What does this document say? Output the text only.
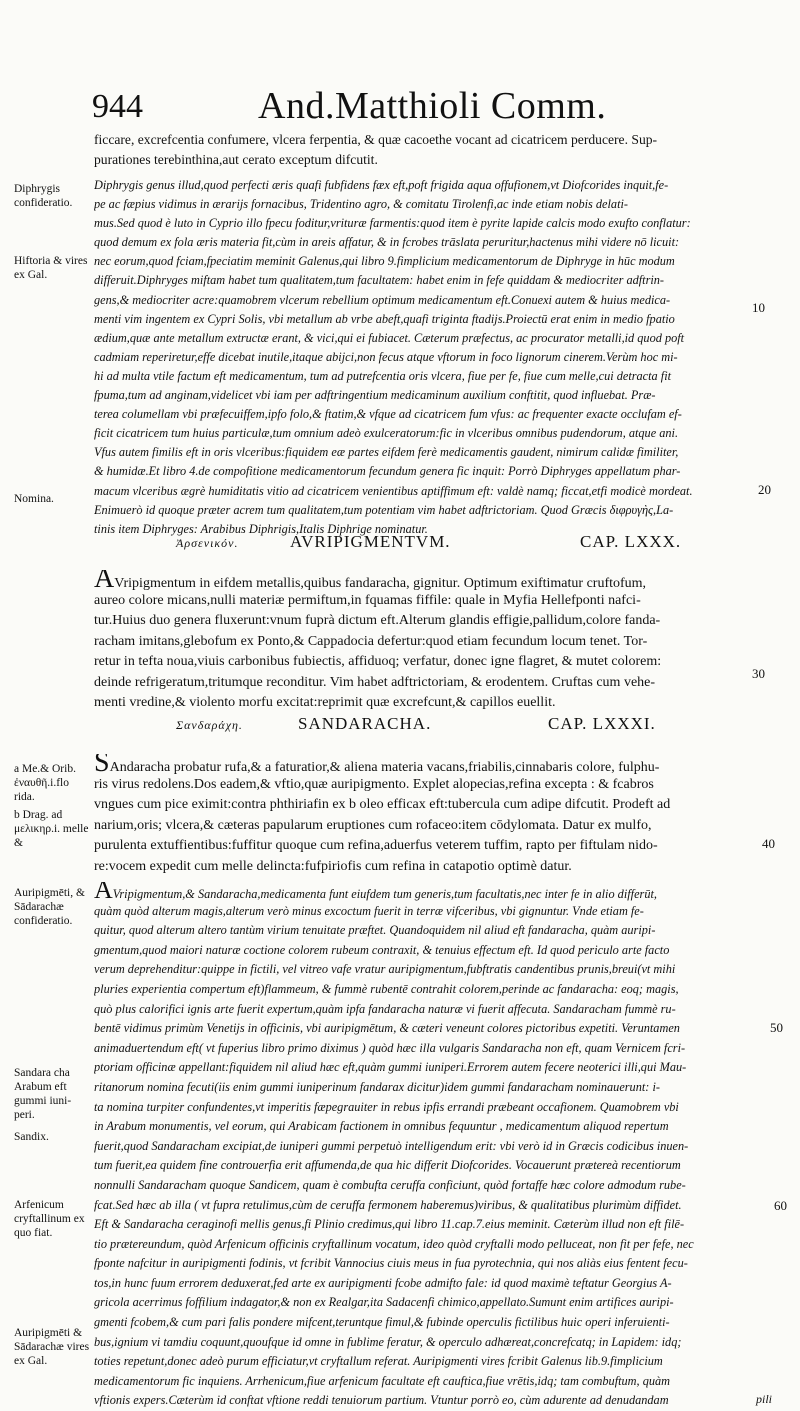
944	And.Matthioli Comm.
ficcare, excrefcentia confumere, vlcera ferpentia, & quæ cacoethe vocant ad cicatricem perducere. Sup-
purationes terebinthina,aut cerato exceptum difcutit.
Diphrygis genus illud,quod perfecti æris quafi fubfidens fæx eft,poft frigida aqua offufionem,vt Diofcorides inquit,fe-
pe ac fæpius vidimus in ærarijs fornacibus, Tridentino agro, & comitatu Tirolenfi,ac inde etiam nobis delati-
mus.Sed quod è luto in Cyprio illo fpecu foditur,vrituræ farmentis:quod item è pyrite lapide calcis modo exufto conflatur:
quod demum ex fola æris materia fit,cùm in areis affatur, & in fcrobes trāslata peruritur,hactenus mihi videre nō licuit:
nec eorum,quod fciam,fpeciatim meminit Galenus,qui libro 9.fimplicium medicamentorum de Diphryge in hūc modum
differuit.Diphryges miftam habet tum qualitatem,tum facultatem: habet enim in fefe quiddam & mediocriter adftrin-
gens,& mediocriter acre:quamobrem vlcerum rebellium optimum medicamentum eft.Conuexi autem & huius medica-
menti vim ingentem ex Cypri Solis, vbi metallum ab vrbe abeft,quafi triginta ftadijs.Proiectū erat enim in medio fpatio
ædium,quæ ante metallum extructæ erant, & vici,qui ei fubiacet. Cæterum præfectus, ac procurator metalli,id quod poft
cadmiam reperiretur,effe dicebat inutile,itaque abijci,non fecus atque vftorum in foco lignorum cinerem.Verùm hoc mi-
hi ad multa vtile factum eft medicamentum, tum ad putrefcentia oris vlcera, fiue per fe, fiue cum melle,cui detracta fit
fpuma,tum ad anginam,videlicet vbi iam per adftringentium medicaminum auxilium conftitit, quod influebat. Præ-
terea columellam vbi præfecuiffem,ipfo folo,& ftatim,& vfque ad cicatricem fum vfus: ac frequenter exacte occlufam ef-
ficit cicatricem tum huius particulæ,tum omnium adeò exulceratorum:fic in vlceribus omnibus pudendorum, atque ani.
Vfus autem fimilis eft in oris vlceribus:fiquidem eæ partes eifdem ferè medicamentis gaudent, nimirum calidæ fimiliter,
& humidæ.Et libro 4.de compofitione medicamentorum fecundum genera fic inquit: Porrò Diphryges appellatum phar-
macum vlceribus ægrè humiditatis vitio ad cicatricem venientibus aptiffimum eft: valdè namq; ficcat,etfi modicè mordeat.
Enimuerò id quoque præter acrem tum qualitatem,tum potentiam vim habet adftrictoriam. Quod Græcis διφρυγὴς,La-
tinis item Diphryges: Arabibus Diphrigis,Italis Diphrige nominatur.
Ἀρσενικόν.	AVRIPIGMENTVM.	CAP. LXXX.
AVripigmentum in eifdem metallis,quibus fandaracha, gignitur. Optimum exiftimatur cruftofum,
aureo colore micans,nulli materiæ permiftum,in fquamas fiffile: quale in Myfia Hellefponti nafci-
tur.Huius duo genera fluxerunt:vnum fuprà dictum eft.Alterum glandis effigie,pallidum,colore fanda-
racham imitans,glebofum ex Ponto,& Cappadocia defertur:quod etiam fecundum locum tenet. Tor-
retur in tefta noua,viuis carbonibus fubiectis, affiduoq; verfatur, donec igne flagret, & mutet colorem:
deinde refrigeratum,tritumque reconditur. Vim habet adftrictoriam, & erodentem. Cruftas cum vehe-
menti vredine,& violento morfu excitat:reprimit quæ excrefcunt,& capillos euellit.
Σανδαράχη.	SANDARACHA.	CAP. LXXXI.
SAndaracha probatur rufa,& a faturatior,& aliena materia vacans,friabilis,cinnabaris colore, fulphu-
ris virus redolens.Dos eadem,& vftio,quæ auripigmento. Explet alopecias,refina excepta : & fcabros
vngues cum pice eximit:contra phthiriafin ex b oleo efficax eft:tubercula cum adipe difcutit. Prodeft ad
narium,oris; vlcera,& cæteras papularum eruptiones cum rofaceo:item cōdylomata. Datur ex mulfo,
purulenta extuffientibus:fuffitur quoque cum refina,aduerfus veterem tuffim, rapto per fiftulam nido-
re:vocem expedit cum melle delincta:fufpiriofis cum refina in catapotio optimè datur.
AVripigmentum,& Sandaracha,medicamenta funt eiufdem tum generis,tum facultatis,nec inter fe in alio differūt,
quàm quòd alterum magis,alterum verò minus excoctum fuerit in terræ vifceribus, vbi gignuntur. Vnde etiam fe-
quitur, quod alterum altero tantùm virium tenuitate præftet. Quandoquidem nil aliud eft fandaracha, quàm auripi-
gmentum,quod maiori naturæ coctione colorem rubeum contraxit, & tenuius effectum eft. Id quod periculo arte facto
verum deprehenditur:quippe in fictili, vel vitreo vafe vratur auripigmentum,fubftratis candentibus prunis,breui(vt mihi
pluries experientia compertum eft)flammeum, & fummè rubentē contrahit colorem,perinde ac fandaracha: eoq; magis,
quò plus calorifici ignis arte fuerit expertum,quàm ipfa fandaracha naturæ vi fuerit affecuta. Sandaracham fummè ru-
bentē vidimus primùm Venetijs in officinis, vbi auripigmētum, & cæteri veneunt colores pictoribus expetiti. Veruntamen
animaduertendum eft( vt fuperius libro primo diximus ) quòd hæc illa vulgaris Sandaracha non eft, quam Vernicem fcri-
ptoriam officinæ appellant:fiquidem nil aliud hæc eft,quàm gummi iuniperi.Errorem autem fecere neoterici illi,qui Mau-
ritanorum nomina fecuti(iis enim gummi iuniperinum fandarax dicitur)idem gummi fandaracham nominauerunt: i-
ta nomina turpiter confundentes,vt imperitis fæpegrauiter in rebus ipfis errandi præbeant occafionem. Quamobrem vbi
in Arabum monumentis, vel eorum, qui Arabicam factionem in omnibus fequuntur , medicamentum aliquod repertum
fuerit,quod Sandaracham excipiat,de iuniperi gummi perpetuò intelligendum erit: vbi verò id in Græcis codicibus inuen-
tum fuerit,ea quidem fine controuerfia erit affumenda,de qua hic differit Diofcorides. Vocauerunt prætereà recentiorum
nonnulli Sandaracham quoque Sandicem, quam è combufta ceruffa conficiunt, quòd fortaffe hæc colore admodum rube-
fcat.Sed hæc ab illa ( vt fupra retulimus,cùm de ceruffa fermonem haberemus)viribus, & qualitatibus plurimùm diffidet.
Eft & Sandaracha ceraginofi mellis genus,fi Plinio credimus,qui libro 11.cap.7.eius meminit. Cæterùm illud non eft filē-
tio prætereundum, quòd Arfenicum officinis cryftallinum vocatum, ideo quòd cryftalli modo pelluceat, non fit per fefe, nec
fponte nafcitur in auripigmenti fodinis, vt fcribit Vannocius ciuis meus in fua pyrotechnia, qui nos aliàs eius fentent fecu-
tos,in hunc fuum errorem deduxerat,fed arte ex auripigmenti fcobe admifto fale: id quod maximè teftatur Georgius A-
gricola acerrimus foffilium indagator,& non ex Realgar,ita Sadacenfi chimico,appellato.Sumunt enim artifices auripi-
gmenti fcobem,& cum pari falis pondere mifcent,teruntque fimul,& fubinde operculis fictilibus huic operi inferuienti-
bus,ignium vi tamdiu coquunt,quoufque id omne in fublime feratur, & operculo adhæreat,concrefcatq; in Lapidem: idq;
toties repetunt,donec adeò purum efficiatur,vt cryftallum referat. Auripigmenti vires fcribit Galenus lib.9.fimplicium
medicamentorum fic inquiens. Arrhenicum,fiue arfenicum facultate eft cauftica,fiue vrētis,idq; tam combuftum, quàm
vftionis expers.Cæterùm id conftat vftione reddi tenuiorum partium. Vtuntur porrò eo, cùm adurente ad denudandam	pili
Diphrygis confideratio.
Hiftoria & vires ex Gal.
Nomina.
a Me.& Orib. ἐναυθῆ.i.flo rida.
b Drag. ad μελικηρ.i. melle &
Auripigmēti, & Sādarachæ confideratio.
Sandara cha Arabum eft gummi iuni- peri.
Sandix.
Arfenicum cryftallinum ex quo fiat.
Auripigmēti & Sādarachæ vires ex Gal.
10
20
30
40
50
60
